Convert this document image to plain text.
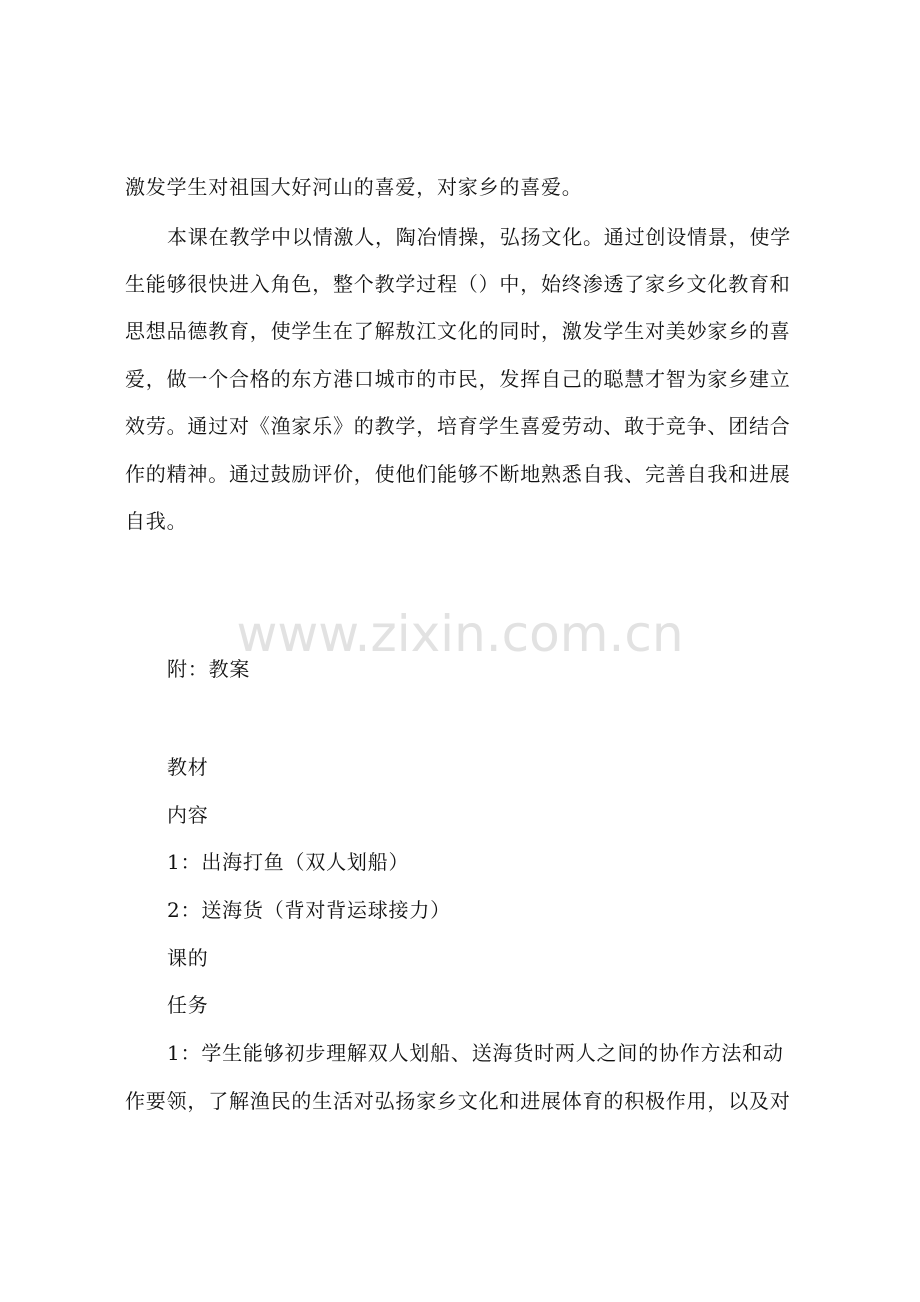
激发学生对祖国大好河山的喜爱，对家乡的喜爱。
本课在教学中以情激人，陶冶情操，弘扬文化。通过创设情景，使学
生能够很快进入角色，整个教学过程（）中，始终渗透了家乡文化教育和
思想品德教育，使学生在了解敖江文化的同时，激发学生对美妙家乡的喜
爱，做一个合格的东方港口城市的市民，发挥自己的聪慧才智为家乡建立
效劳。通过对《渔家乐》的教学，培育学生喜爱劳动、敢于竞争、团结合
作的精神。通过鼓励评价，使他们能够不断地熟悉自我、完善自我和进展
自我。
www.zixin.com.cn
附：教案
教材
内容
1：出海打鱼（双人划船）
2：送海货（背对背运球接力）
课的
任务
1：学生能够初步理解双人划船、送海货时两人之间的协作方法和动
作要领，了解渔民的生活对弘扬家乡文化和进展体育的积极作用，以及对
